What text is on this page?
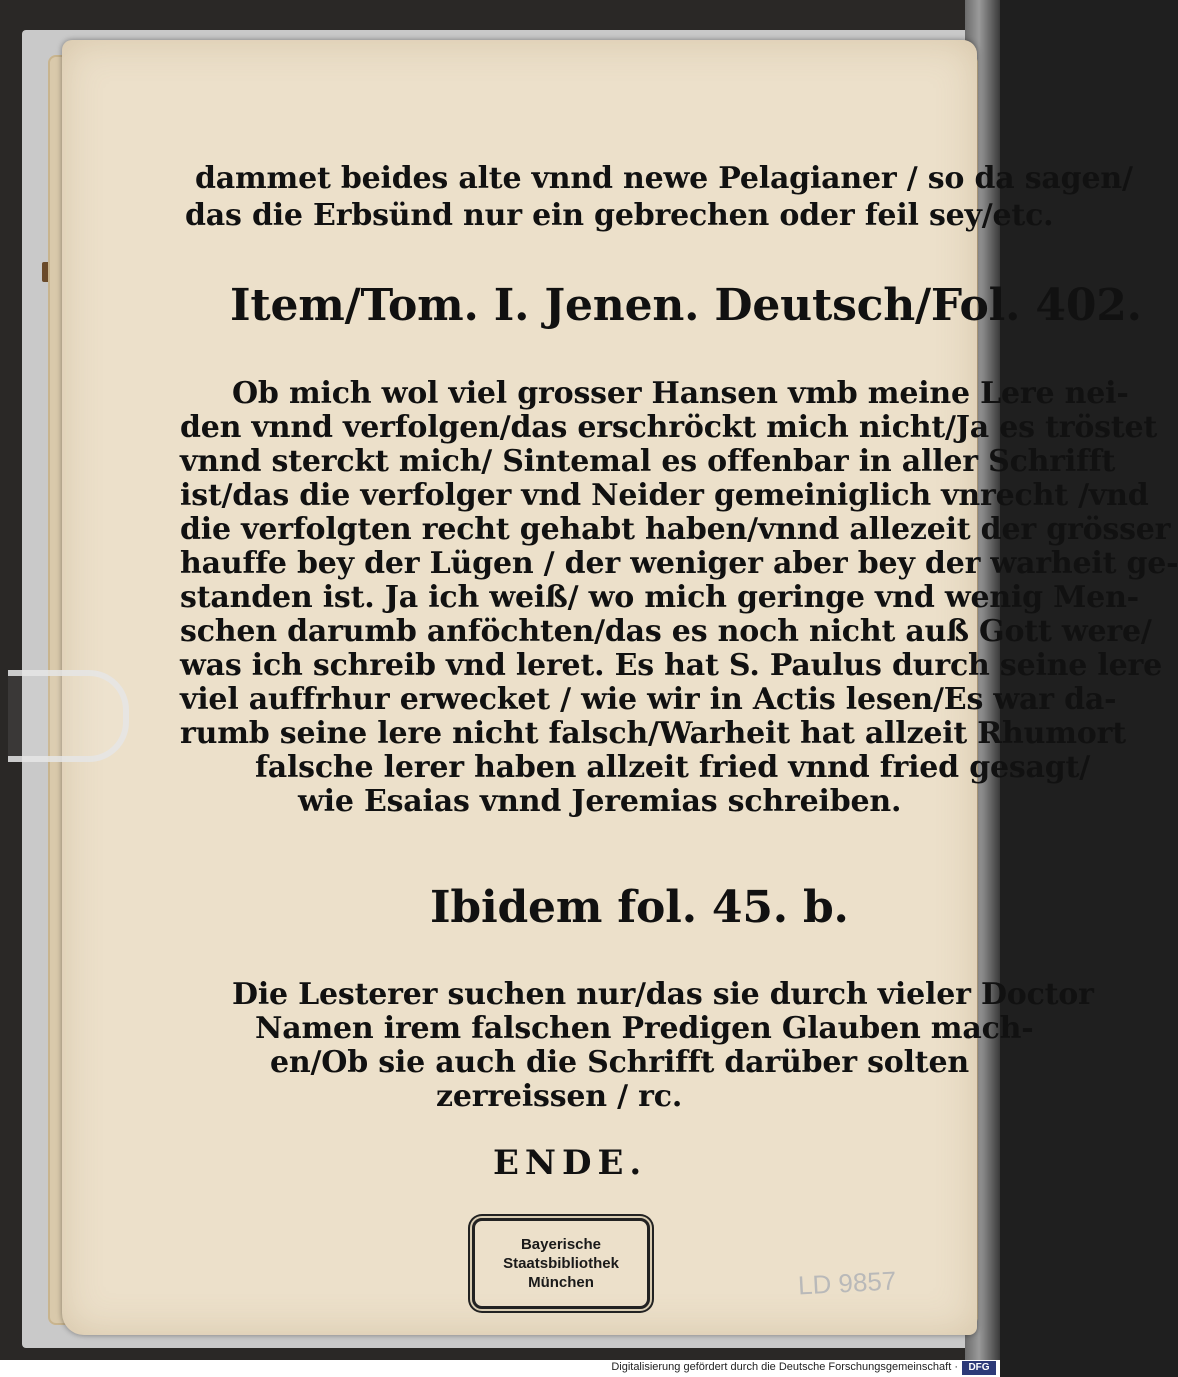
dammet beides alte vnnd newe Pelagianer / so da sagen/
das die Erbsünd nur ein gebrechen oder feil sey/etc.
Item/Tom. I. Jenen. Deutsch/Fol. 402.
Ob mich wol viel grosser Hansen vmb meine Lere nei-
den vnnd verfolgen/das erschröckt mich nicht/Ja es tröstet
vnnd sterckt mich/ Sintemal es offenbar in aller Schrifft
ist/das die verfolger vnd Neider gemeiniglich vnrecht /vnd
die verfolgten recht gehabt haben/vnnd allezeit der grösser
hauffe bey der Lügen / der weniger aber bey der warheit ge-
standen ist. Ja ich weiß/ wo mich geringe vnd wenig Men-
schen darumb anföchten/das es noch nicht auß Gott were/
was ich schreib vnd leret. Es hat S. Paulus durch seine lere
viel auffrhur erwecket / wie wir in Actis lesen/Es war da-
rumb seine lere nicht falsch/Warheit hat allzeit Rhumort
falsche lerer haben allzeit fried vnnd fried gesagt/
wie Esaias vnnd Jeremias schreiben.
Ibidem fol. 45. b.
Die Lesterer suchen nur/das sie durch vieler Doctor
Namen irem falschen Predigen Glauben mach-
en/Ob sie auch die Schrifft darüber solten
zerreissen / rc.
ENDE.
Bayerische
Staatsbibliothek
München	LD 9857
Digitalisierung gefördert durch die Deutsche Forschungsgemeinschaft ·	DFG
